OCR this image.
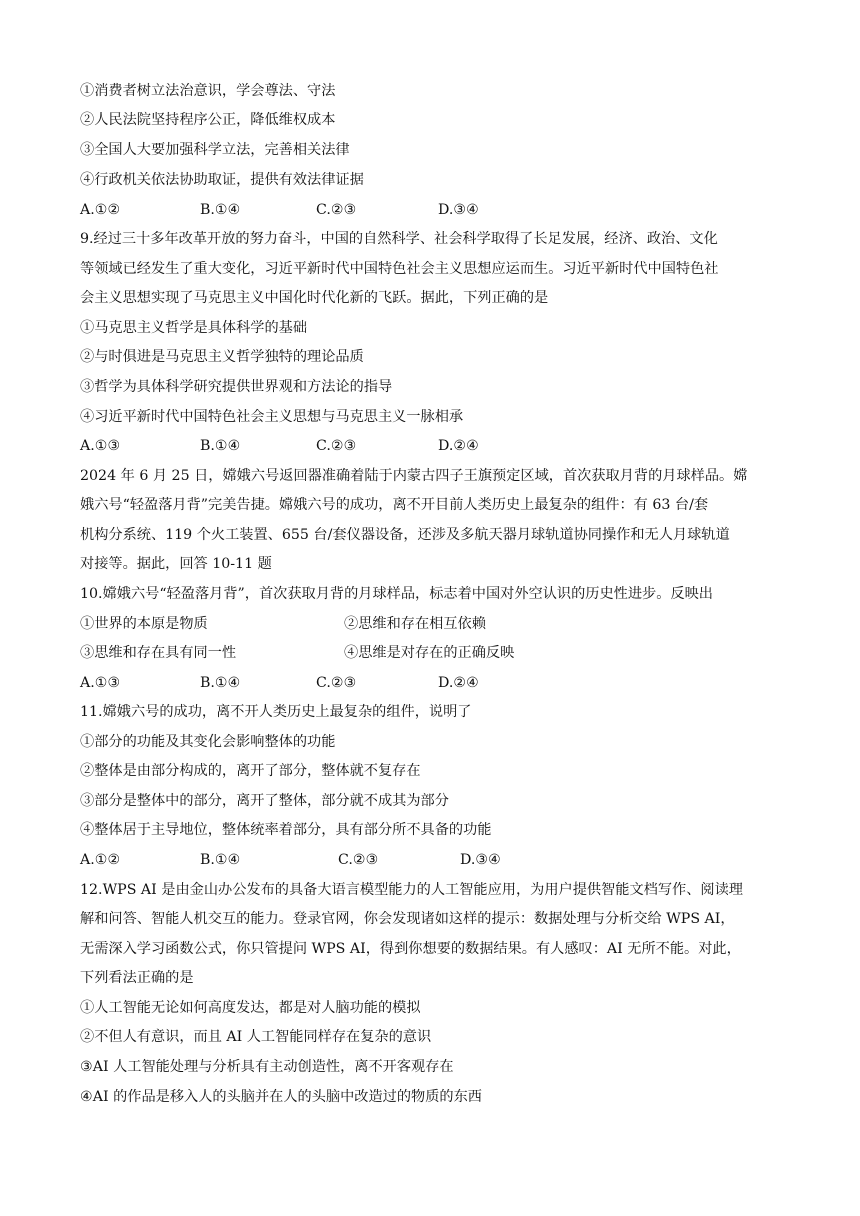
①消费者树立法治意识，学会尊法、守法
②人民法院坚持程序公正，降低维权成本
③全国人大要加强科学立法，完善相关法律
④行政机关依法协助取证，提供有效法律证据
A.①②	B.①④	C.②③	D.③④
9.经过三十多年改革开放的努力奋斗，中国的自然科学、社会科学取得了长足发展，经济、政治、文化
等领域已经发生了重大变化，习近平新时代中国特色社会主义思想应运而生。习近平新时代中国特色社
会主义思想实现了马克思主义中国化时代化新的飞跃。据此，下列正确的是
①马克思主义哲学是具体科学的基础
②与时俱进是马克思主义哲学独特的理论品质
③哲学为具体科学研究提供世界观和方法论的指导
④习近平新时代中国特色社会主义思想与马克思主义一脉相承
A.①③	B.①④	C.②③	D.②④
2024 年 6 月 25 日，嫦娥六号返回器准确着陆于内蒙古四子王旗预定区域，首次获取月背的月球样品。嫦
娥六号“轻盈落月背”完美告捷。嫦娥六号的成功，离不开目前人类历史上最复杂的组件：有 63 台/套
机构分系统、119 个火工装置、655 台/套仪器设备，还涉及多航天器月球轨道协同操作和无人月球轨道
对接等。据此，回答 10-11 题
10.嫦娥六号“轻盈落月背”，首次获取月背的月球样品，标志着中国对外空认识的历史性进步。反映出
①世界的本原是物质	②思维和存在相互依赖
③思维和存在具有同一性	④思维是对存在的正确反映
A.①③	B.①④	C.②③	D.②④
11.嫦娥六号的成功，离不开人类历史上最复杂的组件，说明了
①部分的功能及其变化会影响整体的功能
②整体是由部分构成的，离开了部分，整体就不复存在
③部分是整体中的部分，离开了整体，部分就不成其为部分
④整体居于主导地位，整体统率着部分，具有部分所不具备的功能
A.①②	B.①④	C.②③	D.③④
12.WPS AI 是由金山办公发布的具备大语言模型能力的人工智能应用，为用户提供智能文档写作、阅读理
解和问答、智能人机交互的能力。登录官网，你会发现诸如这样的提示：数据处理与分析交给 WPS AI，
无需深入学习函数公式，你只管提问 WPS AI，得到你想要的数据结果。有人感叹：AI 无所不能。对此，
下列看法正确的是
①人工智能无论如何高度发达，都是对人脑功能的模拟
②不但人有意识，而且 AI 人工智能同样存在复杂的意识
③AI 人工智能处理与分析具有主动创造性，离不开客观存在
④AI 的作品是移入人的头脑并在人的头脑中改造过的物质的东西
